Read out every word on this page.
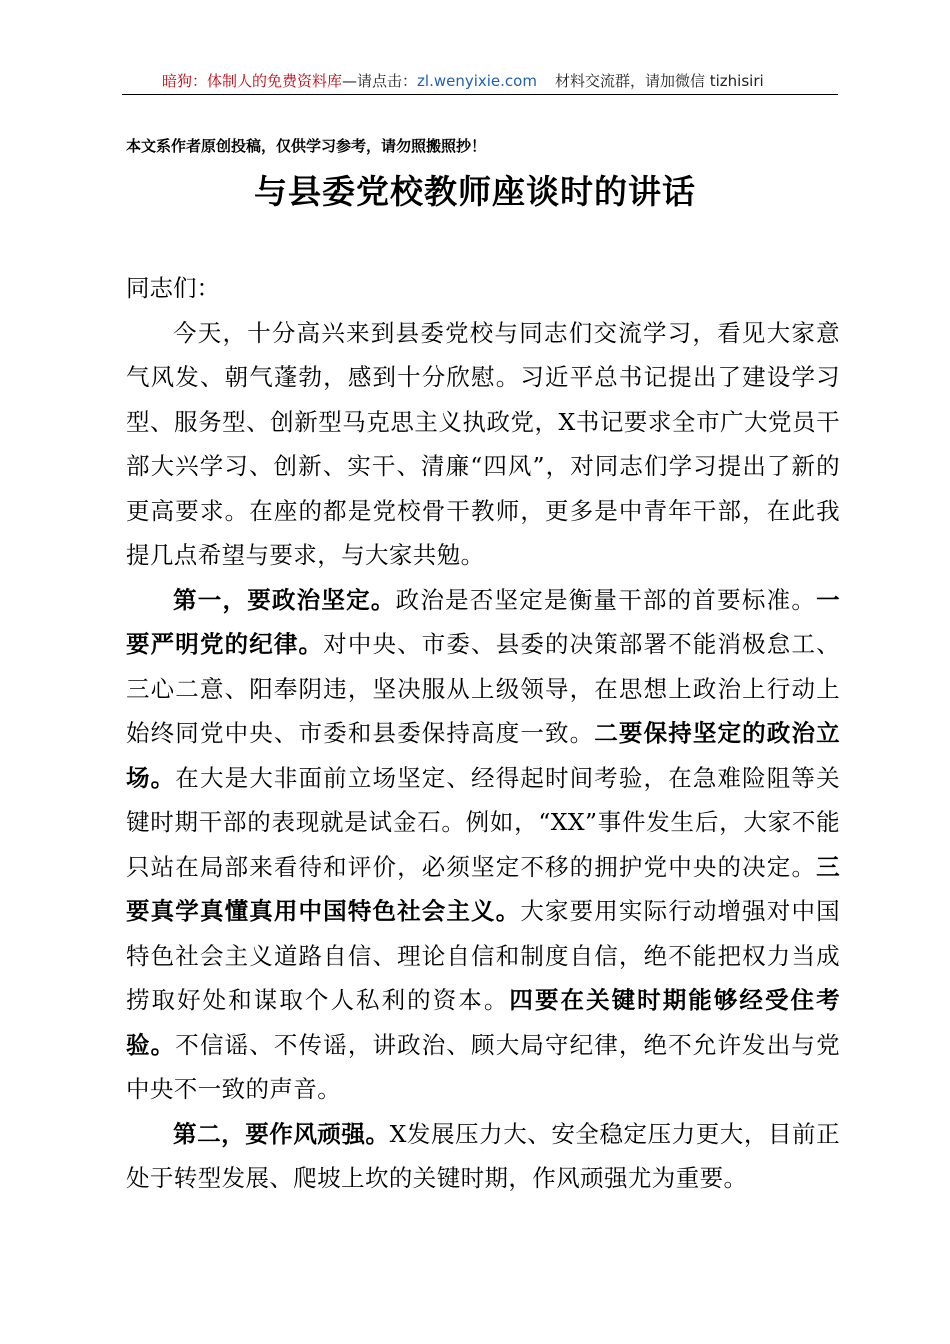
暗狗：体制人的免费资料库—请点击：zl.wenyixie.com 材料交流群，请加微信 tizhisiri
本文系作者原创投稿，仅供学习参考，请勿照搬照抄！
与县委党校教师座谈时的讲话

同志们：

今天，十分高兴来到县委党校与同志们交流学习，看见大家意气风发、朝气蓬勃，感到十分欣慰。习近平总书记提出了建设学习型、服务型、创新型马克思主义执政党，X书记要求全市广大党员干部大兴学习、创新、实干、清廉“四风”，对同志们学习提出了新的更高要求。在座的都是党校骨干教师，更多是中青年干部，在此我提几点希望与要求，与大家共勉。

第一，要政治坚定。政治是否坚定是衡量干部的首要标准。一要严明党的纪律。对中央、市委、县委的决策部署不能消极怠工、三心二意、阳奉阴违，坚决服从上级领导，在思想上政治上行动上始终同党中央、市委和县委保持高度一致。二要保持坚定的政治立场。在大是大非面前立场坚定、经得起时间考验，在急难险阻等关键时期干部的表现就是试金石。例如，“XX”事件发生后，大家不能只站在局部来看待和评价，必须坚定不移的拥护党中央的决定。三要真学真懂真用中国特色社会主义。大家要用实际行动增强对中国特色社会主义道路自信、理论自信和制度自信，绝不能把权力当成捞取好处和谋取个人私利的资本。四要在关键时期能够经受住考验。不信谣、不传谣，讲政治、顾大局守纪律，绝不允许发出与党中央不一致的声音。

第二，要作风顽强。X发展压力大、安全稳定压力更大，目前正处于转型发展、爬坡上坎的关键时期，作风顽强尤为重要。
